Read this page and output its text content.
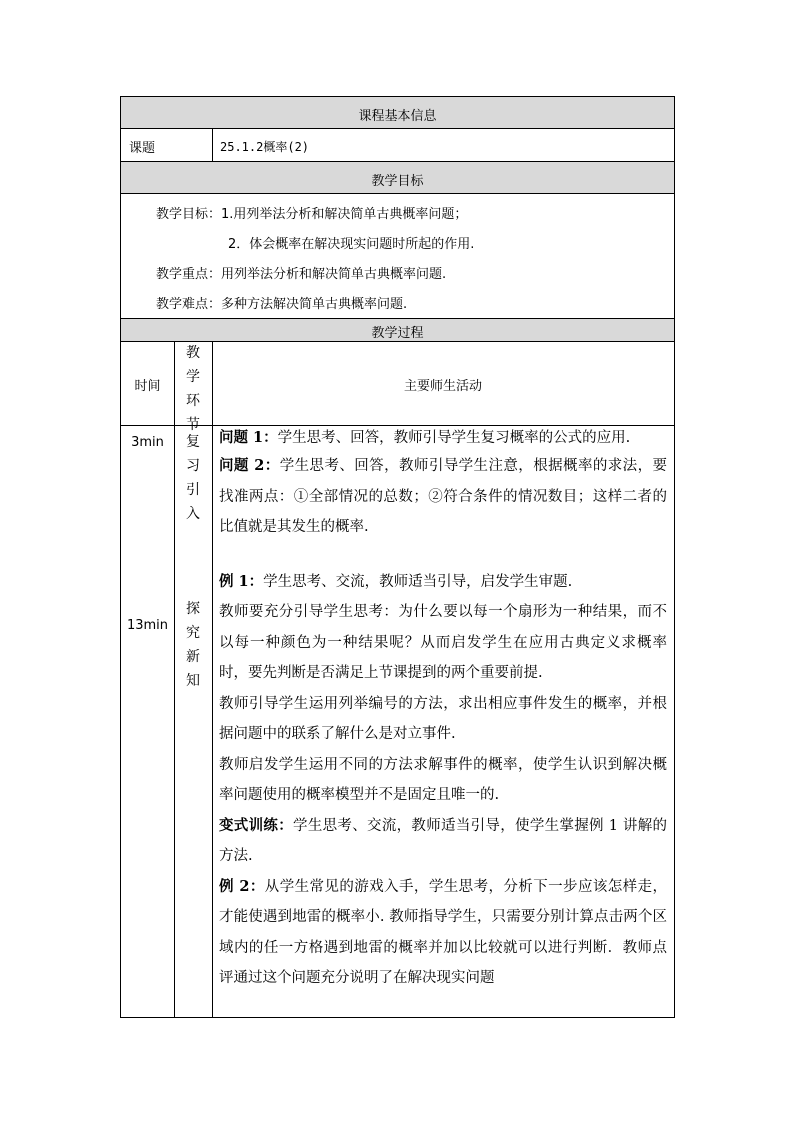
课程基本信息
课题	25.1.2概率(2)
教学目标
教学目标：1.用列举法分析和解决简单古典概率问题；
2．体会概率在解决现实问题时所起的作用.
教学重点：用列举法分析和解决简单古典概率问题.
教学难点：多种方法解决简单古典概率问题.
教学过程
时间
教
学
环
节
主要师生活动
3min	复
习
引
入
13min
探
究
新
知

问题 1：学生思考、回答，教师引导学生复习概率的公式的应用.

问题 2：学生思考、回答，教师引导学生注意，根据概率的求法，要找准两点：①全部情况的总数；②符合条件的情况数目；这样二者的比值就是其发生的概率.

例 1：学生思考、交流，教师适当引导，启发学生审题.

教师要充分引导学生思考：为什么要以每一个扇形为一种结果，而不以每一种颜色为一种结果呢？从而启发学生在应用古典定义求概率时，要先判断是否满足上节课提到的两个重要前提.

教师引导学生运用列举编号的方法，求出相应事件发生的概率，并根据问题中的联系了解什么是对立事件.

教师启发学生运用不同的方法求解事件的概率，使学生认识到解决概率问题使用的概率模型并不是固定且唯一的.

变式训练：学生思考、交流，教师适当引导，使学生掌握例 1 讲解的方法.

例 2：从学生常见的游戏入手，学生思考，分析下一步应该怎样走，才能使遇到地雷的概率小. 教师指导学生，只需要分别计算点击两个区域内的任一方格遇到地雷的概率并加以比较就可以进行判断．教师点评通过这个问题充分说明了在解决现实问题
